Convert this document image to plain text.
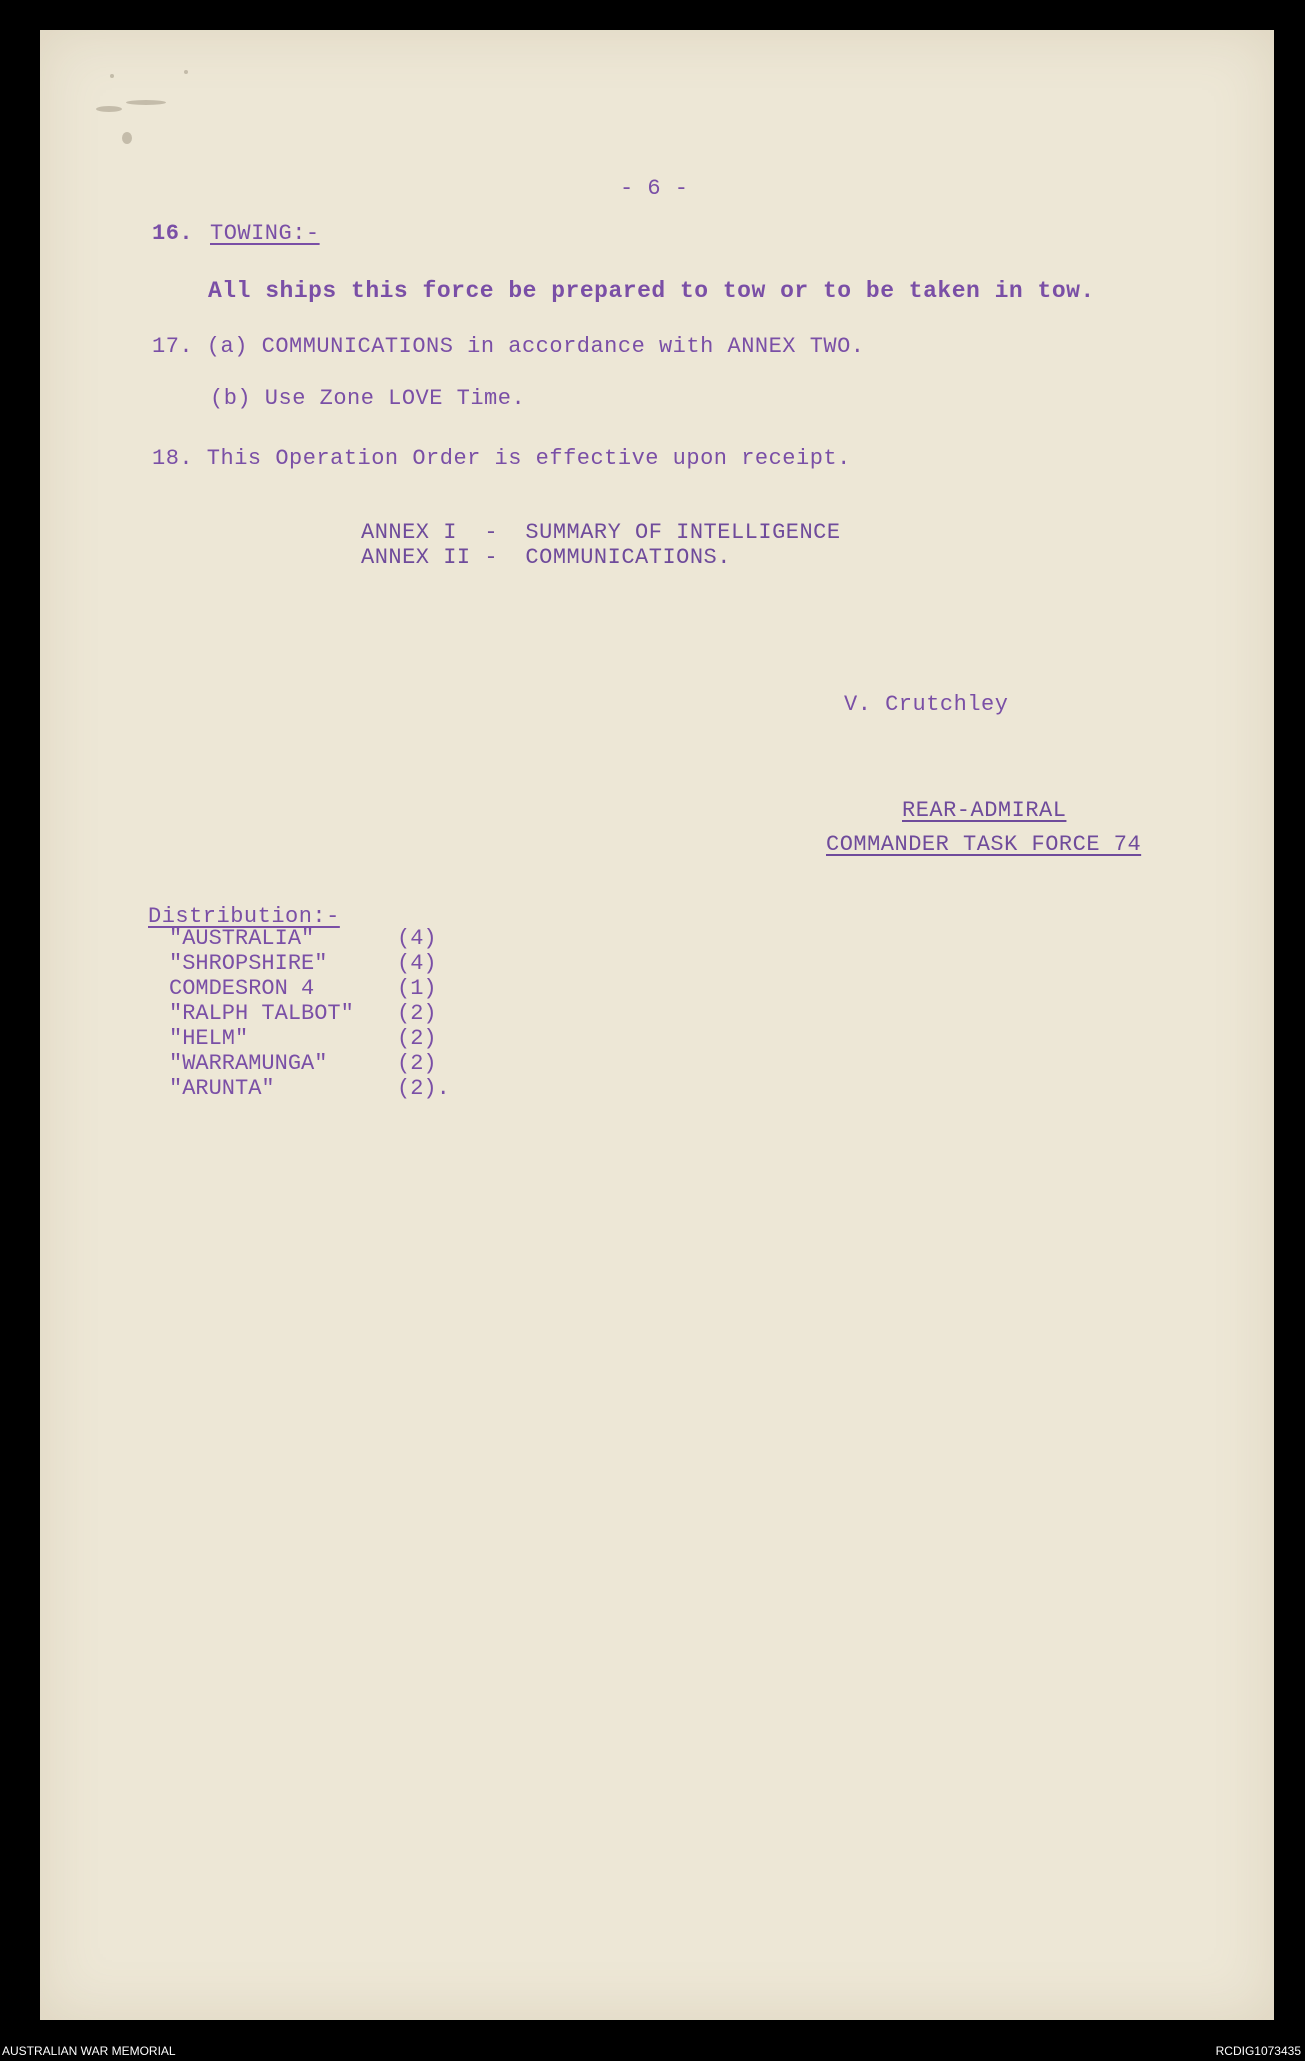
- 6 -
16. TOWING:-
All ships this force be prepared to tow or to be taken in tow.
17. (a) COMMUNICATIONS in accordance with ANNEX TWO.
(b) Use Zone LOVE Time.
18. This Operation Order is effective upon receipt.
ANNEX I  -  SUMMARY OF INTELLIGENCE
ANNEX II -  COMMUNICATIONS.
V. Crutchley
REAR-ADMIRAL
COMMANDER TASK FORCE 74
Distribution:-
"AUSTRALIA"	(4)
"SHROPSHIRE"	(4)
COMDESRON 4	(1)
"RALPH TALBOT" (2)
"HELM"	(2)
"WARRAMUNGA"	(2)
"ARUNTA"	(2).
AUSTRALIAN WAR MEMORIAL	RCDIG1073435
